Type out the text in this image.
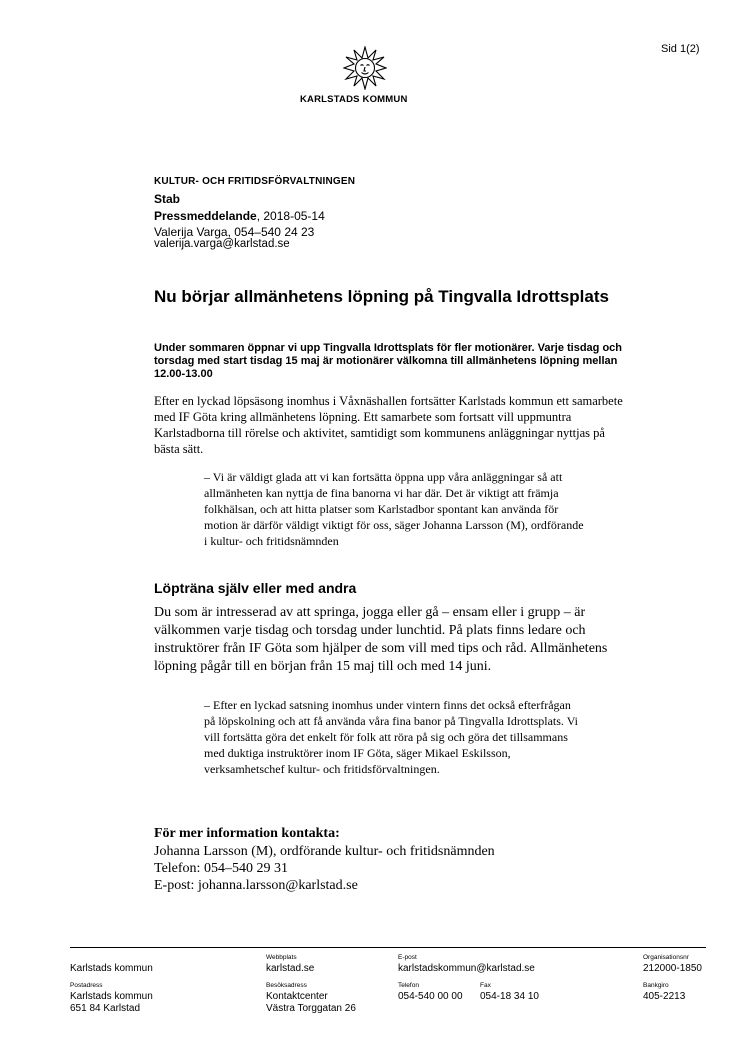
Sid 1(2)
KARLSTADS KOMMUN
KULTUR- OCH FRITIDSFÖRVALTNINGEN
Stab
Pressmeddelande, 2018-05-14
Valerija Varga, 054–540 24 23
valerija.varga@karlstad.se
Nu börjar allmänhetens löpning på Tingvalla Idrottsplats
Under sommaren öppnar vi upp Tingvalla Idrottsplats för fler motionärer. Varje tisdag och torsdag med start tisdag 15 maj är motionärer välkomna till allmänhetens löpning mellan 12.00-13.00
Efter en lyckad löpsäsong inomhus i Våxnäshallen fortsätter Karlstads kommun ett samarbete med IF Göta kring allmänhetens löpning. Ett samarbete som fortsatt vill uppmuntra Karlstadborna till rörelse och aktivitet, samtidigt som kommunens anläggningar nyttjas på bästa sätt.
– Vi är väldigt glada att vi kan fortsätta öppna upp våra anläggningar så att allmänheten kan nyttja de fina banorna vi har där. Det är viktigt att främja folkhälsan, och att hitta platser som Karlstadbor spontant kan använda för motion är därför väldigt viktigt för oss, säger Johanna Larsson (M), ordförande i kultur- och fritidsnämnden
Löpträna själv eller med andra
Du som är intresserad av att springa, jogga eller gå – ensam eller i grupp – är välkommen varje tisdag och torsdag under lunchtid. På plats finns ledare och instruktörer från IF Göta som hjälper de som vill med tips och råd. Allmänhetens löpning pågår till en början från 15 maj till och med 14 juni.
– Efter en lyckad satsning inomhus under vintern finns det också efterfrågan på löpskolning och att få använda våra fina banor på Tingvalla Idrottsplats. Vi vill fortsätta göra det enkelt för folk att röra på sig och göra det tillsammans med duktiga instruktörer inom IF Göta, säger Mikael Eskilsson, verksamhetschef kultur- och fritidsförvaltningen.
För mer information kontakta:
Johanna Larsson (M), ordförande kultur- och fritidsnämnden
Telefon: 054–540 29 31
E-post: johanna.larsson@karlstad.se
Karlstads kommun
Webbplats
karlstad.se
E-post
karlstadskommun@karlstad.se
Organisationsnr
212000-1850
Postadress
Karlstads kommun
651 84 Karlstad
Besöksadress
Kontaktcenter
Västra Torggatan 26
Telefon
054-540 00 00
Fax
054-18 34 10
Bankgiro
405-2213
